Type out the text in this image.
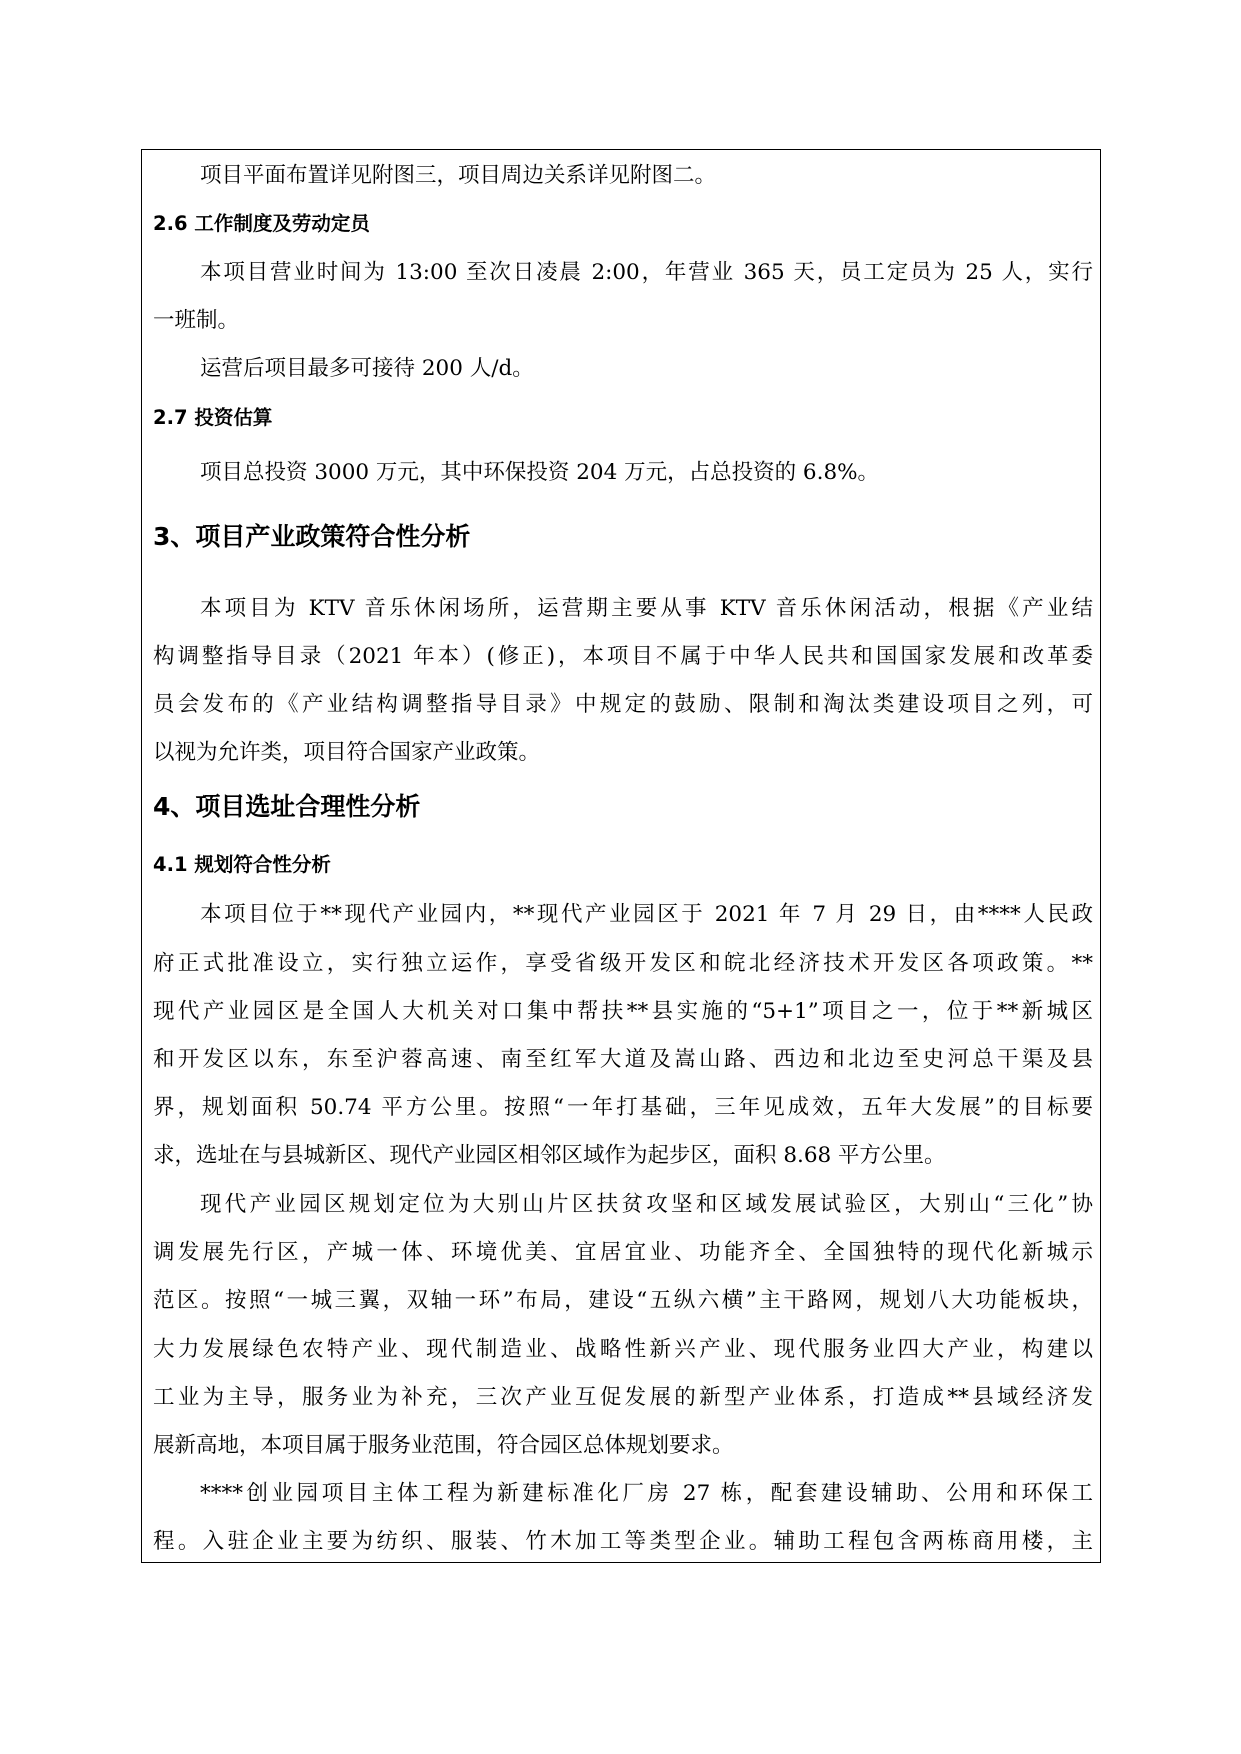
项目平面布置详见附图三，项目周边关系详见附图二。
2.6 工作制度及劳动定员
本项目营业时间为 13:00 至次日凌晨 2:00，年营业 365 天，员工定员为 25 人，实行
一班制。
运营后项目最多可接待 200 人/d。
2.7 投资估算
项目总投资 3000 万元，其中环保投资 204 万元，占总投资的 6.8%。
3、项目产业政策符合性分析
本项目为 KTV 音乐休闲场所，运营期主要从事 KTV 音乐休闲活动，根据《产业结
构调整指导目录（2021 年本）(修正)，本项目不属于中华人民共和国国家发展和改革委
员会发布的《产业结构调整指导目录》中规定的鼓励、限制和淘汰类建设项目之列，可
以视为允许类，项目符合国家产业政策。
4、项目选址合理性分析
4.1 规划符合性分析
本项目位于**现代产业园内，**现代产业园区于 2021 年 7 月 29 日，由****人民政
府正式批准设立，实行独立运作，享受省级开发区和皖北经济技术开发区各项政策。**
现代产业园区是全国人大机关对口集中帮扶**县实施的“5+1”项目之一，位于**新城区
和开发区以东，东至沪蓉高速、南至红军大道及嵩山路、西边和北边至史河总干渠及县
界，规划面积 50.74 平方公里。按照“一年打基础，三年见成效，五年大发展”的目标要
求，选址在与县城新区、现代产业园区相邻区域作为起步区，面积 8.68 平方公里。
现代产业园区规划定位为大别山片区扶贫攻坚和区域发展试验区，大别山“三化”协
调发展先行区，产城一体、环境优美、宜居宜业、功能齐全、全国独特的现代化新城示
范区。按照“一城三翼，双轴一环”布局，建设“五纵六横”主干路网，规划八大功能板块，
大力发展绿色农特产业、现代制造业、战略性新兴产业、现代服务业四大产业，构建以
工业为主导，服务业为补充，三次产业互促发展的新型产业体系，打造成**县域经济发
展新高地，本项目属于服务业范围，符合园区总体规划要求。
****创业园项目主体工程为新建标准化厂房 27 栋，配套建设辅助、公用和环保工
程。入驻企业主要为纺织、服装、竹木加工等类型企业。辅助工程包含两栋商用楼，主
